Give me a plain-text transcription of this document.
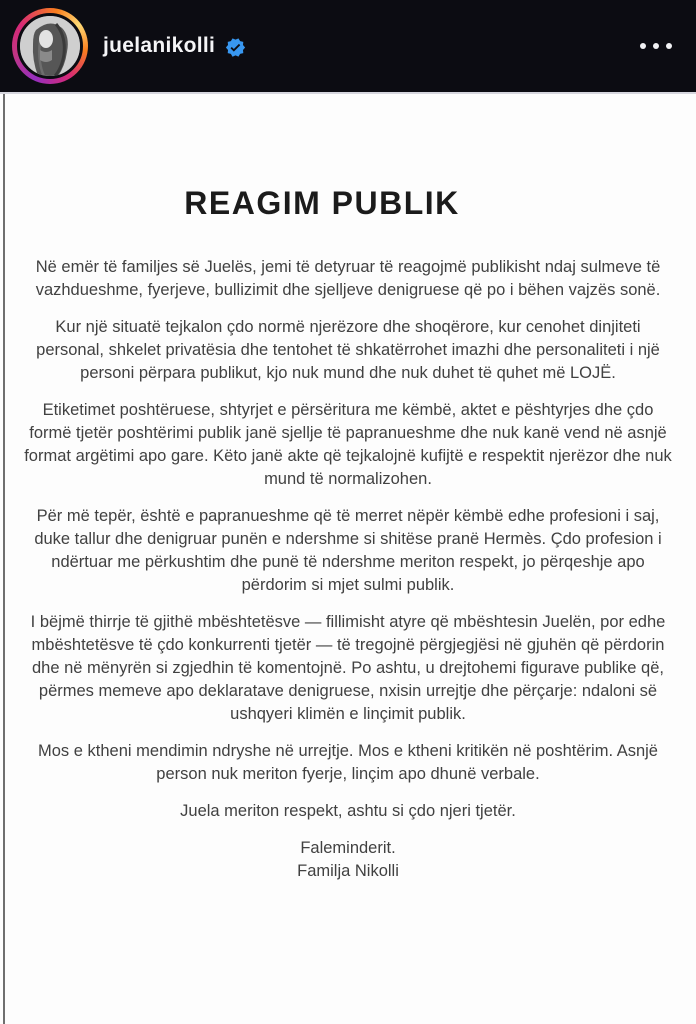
juelanikolli
REAGIM PUBLIK

Në emër të familjes së Juelës, jemi të detyruar të reagojmë publikisht ndaj sulmeve të vazhdueshme, fyerjeve, bullizimit dhe sjelljeve denigruese që po i bëhen vajzës sonë.

Kur një situatë tejkalon çdo normë njerëzore dhe shoqërore, kur cenohet dinjiteti personal, shkelet privatësia dhe tentohet të shkatërrohet imazhi dhe personaliteti i një personi përpara publikut, kjo nuk mund dhe nuk duhet të quhet më LOJË.

Etiketimet poshtëruese, shtyrjet e përsëritura me këmbë, aktet e pështyrjes dhe çdo formë tjetër poshtërimi publik janë sjellje të papranueshme dhe nuk kanë vend në asnjë format argëtimi apo gare. Këto janë akte që tejkalojnë kufijtë e respektit njerëzor dhe nuk mund të normalizohen.

Për më tepër, është e papranueshme që të merret nëpër këmbë edhe profesioni i saj, duke tallur dhe denigruar punën e ndershme si shitëse pranë Hermès. Çdo profesion i ndërtuar me përkushtim dhe punë të ndershme meriton respekt, jo përqeshje apo përdorim si mjet sulmi publik.

I bëjmë thirrje të gjithë mbështetësve — fillimisht atyre që mbështesin Juelën, por edhe mbështetësve të çdo konkurrenti tjetër — të tregojnë përgjegjësi në gjuhën që përdorin dhe në mënyrën si zgjedhin të komentojnë. Po ashtu, u drejtohemi figurave publike që, përmes memeve apo deklaratave denigruese, nxisin urrejtje dhe përçarje: ndaloni së ushqyeri klimën e linçimit publik.

Mos e ktheni mendimin ndryshe në urrejtje. Mos e ktheni kritikën në poshtërim. Asnjë person nuk meriton fyerje, linçim apo dhunë verbale.

Juela meriton respekt, ashtu si çdo njeri tjetër.

Faleminderit.
Familja Nikolli
